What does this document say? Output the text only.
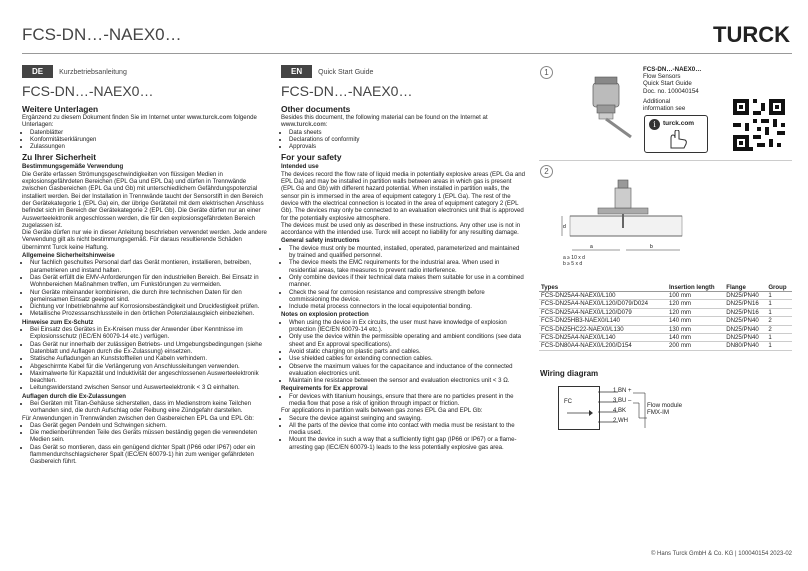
FCS-DN…-NAEX0…	TURCK
DE Kurzbetriebsanleitung
FCS-DN…-NAEX0…
Weitere Unterlagen

Ergänzend zu diesem Dokument finden Sie im Internet unter www.turck.com folgende Unterlagen:

• Datenblätter
• Konformitätserklärungen
• Zulassungen
Zu Ihrer Sicherheit
Bestimmungsgemäße Verwendung

Die Geräte erfassen Strömungsgeschwindigkeiten von flüssigen Medien in explosionsgefährdeten Bereichen (EPL Ga und EPL Da) und dürfen in Trennwände zwischen Gasbereichen (EPL Ga und Gb) mit unterschiedlichem Gefährdungspotenzial installiert werden. Bei der Installation in Trennwände taucht der Sensorstift in den Bereich der Gerätekategorie 1 (EPL Ga) ein, der übrige Geräteteil mit dem elektrischen Anschluss befindet sich im Bereich der Gerätekategorie 2 (EPL Gb). Die Geräte dürfen nur an einer Auswerteelektronik angeschlossen werden, die für den explosionsgefährdeten Bereich zugelassen ist.

Die Geräte dürfen nur wie in dieser Anleitung beschrieben verwendet werden. Jede andere Verwendung gilt als nicht bestimmungsgemäß. Für daraus resultierende Schäden übernimmt Turck keine Haftung.

Allgemeine Sicherheitshinweise
• Nur fachlich geschultes Personal darf das Gerät montieren, installieren, betreiben, parametrieren und instand halten.
• Das Gerät erfüllt die EMV-Anforderungen für den industriellen Bereich. Bei Einsatz in Wohnbereichen Maßnahmen treffen, um Funkstörungen zu vermeiden.
• Nur Geräte miteinander kombinieren, die durch ihre technischen Daten für den gemeinsamen Einsatz geeignet sind.
• Dichtung vor Inbetriebnahme auf Korrosionsbeständigkeit und Druckfestigkeit prüfen.
• Metallische Prozessanschlussteile in den örtlichen Potenzialausgleich einbeziehen.
Hinweise zum Ex-Schutz
• Bei Einsatz des Gerätes in Ex-Kreisen muss der Anwender über Kenntnisse im Explosionsschutz (IEC/EN 60079-14 etc.) verfügen.
• Das Gerät nur innerhalb der zulässigen Betriebs- und Umgebungsbedingungen (siehe Datenblatt und Auflagen durch die Ex-Zulassung) einsetzen.
• Statische Aufladungen an Kunststoffteilen und Kabeln verhindern.
• Abgeschirmte Kabel für die Verlängerung von Anschlussleitungen verwenden.
• Maximalwerte für Kapazität und Induktivität der angeschlossenen Auswerteelektronik beachten.
• Leitungswiderstand zwischen Sensor und Auswerteelektronik < 3 Ω einhalten.
Auflagen durch die Ex-Zulassungen
• Bei Geräten mit Titan-Gehäuse sicherstellen, dass im Medienstrom keine Teilchen vorhanden sind, die durch Aufschlag oder Reibung eine Zündgefahr darstellen.

Für Anwendungen in Trennwänden zwischen den Gasbereichen EPL Ga und EPL Gb:

• Das Gerät gegen Pendeln und Schwingen sichern.
• Die medienberührenden Teile des Geräts müssen beständig gegen die verwendeten Medien sein.
• Das Gerät so montieren, dass ein genügend dichter Spalt (IP66 oder IP67) oder ein flammendurchschlagsicherer Spalt (IEC/EN 60079-1) hin zum weniger gefährdeten Gasbereich führt.
EN Quick Start Guide
FCS-DN…-NAEX0…
Other documents

Besides this document, the following material can be found on the Internet at www.turck.com:

• Data sheets
• Declarations of conformity
• Approvals
For your safety
Intended use

The devices record the flow rate of liquid media in potentially explosive areas (EPL Ga and EPL Da) and may be installed in partition walls between areas in which gas is present (EPL Ga and Gb) with different hazard potential. When installed in partition walls, the sensor pin is immersed in the area of equipment category 1 (EPL Ga). The rest of the device with the electrical connection is located in the area of equipment category 2 (EPL Gb). The devices may only be connected to an evaluation electronics unit that is approved for the potentially explosive atmosphere.

The devices must be used only as described in these instructions. Any other use is not in accordance with the intended use. Turck will accept no liability for any resulting damage.

General safety instructions
• The device must only be mounted, installed, operated, parameterized and maintained by trained and qualified personnel.
• The device meets the EMC requirements for the industrial area. When used in residential areas, take measures to prevent radio interference.
• Only combine devices if their technical data makes them suitable for use in a combined manner.
• Check the seal for corrosion resistance and compressive strength before commissioning the device.
• Include metal process connectors in the local equipotential bonding.
Notes on explosion protection
• When using the device in Ex circuits, the user must have knowledge of explosion protection (IEC/EN 60079-14 etc.).
• Only use the device within the permissible operating and ambient conditions (see data sheet and Ex approval specifications).
• Avoid static charging on plastic parts and cables.
• Use shielded cables for extending connection cables.
• Observe the maximum values for the capacitance and inductance of the connected evaluation electronics unit.
• Maintain line resistance between the sensor and evaluation electronics unit < 3 Ω.
Requirements for Ex approval
• For devices with titanium housings, ensure that there are no particles present in the media flow that pose a risk of ignition through impact or friction.

For applications in partition walls between gas zones EPL Ga and EPL Gb:

• Secure the device against swinging and swaying.
• All the parts of the device that come into contact with media must be resistant to the media used.
• Mount the device in such a way that a sufficiently tight gap (IP66 or IP67) or a flame-arresting gap (IEC/EN 60079-1) leads to the less potentially explosive gas area.
1	FCS-DN…-NAEX0…
Flow Sensors
Quick Start Guide
Doc. no. 100040154
Additional
information see
i	turck.com
2
a	b
d
a ≥ 10 x d
b ≥ 5 x d
Types	Insertion length	Flange	Group
FCS-DN25A4-NAEX0/L100	100 mm	DN25/PN40	1
FCS-DN25A4-NAEX0/L120/D079/D024	120 mm	DN25/PN16	1
FCS-DN25A4-NAEX0/L120/D079	120 mm	DN25/PN16	1
FCS-DN25HB3-NAEX0/L140	140 mm	DN25/PN40	2
FCS-DN25HC22-NAEX0/L130	130 mm	DN25/PN40	2
FCS-DN25A4-NAEX0/L140	140 mm	DN25/PN40	1
FCS-DN80A4-NAEX0/L200/D154	200 mm	DN80/PN40	1
Wiring diagram
FC
1 BN +
3 BU –
4 BK
2 WH
Flow module
FMX-IM
© Hans Turck GmbH & Co. KG | 100040154 2023-02
